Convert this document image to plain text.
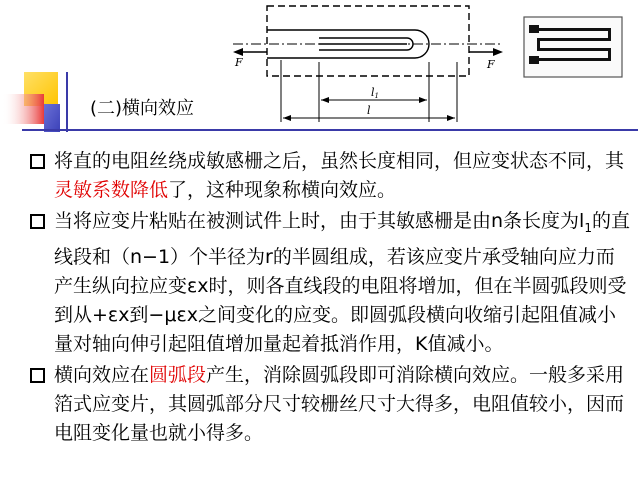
F	F
l1
l
(二)横向效应
将直的电阻丝绕成敏感栅之后，虽然长度相同，但应变状态不同，其灵敏系数降低了，这种现象称横向效应。
当将应变片粘贴在被测试件上时，由于其敏感栅是由n条长度为$l_1$的直线段和（n−1）个半径为r的半圆组成，若该应变片承受轴向应力而产生纵向拉应变εx时，则各直线段的电阻将增加，但在半圆弧段则受到从+εx到−μεx之间变化的应变。即圆弧段横向收缩引起阻值减小量对轴向伸引起阻值增加量起着抵消作用，K值减小。
横向效应在圆弧段产生，消除圆弧段即可消除横向效应。一般多采用箔式应变片，其圆弧部分尺寸较栅丝尺寸大得多，电阻值较小，因而电阻变化量也就小得多。
